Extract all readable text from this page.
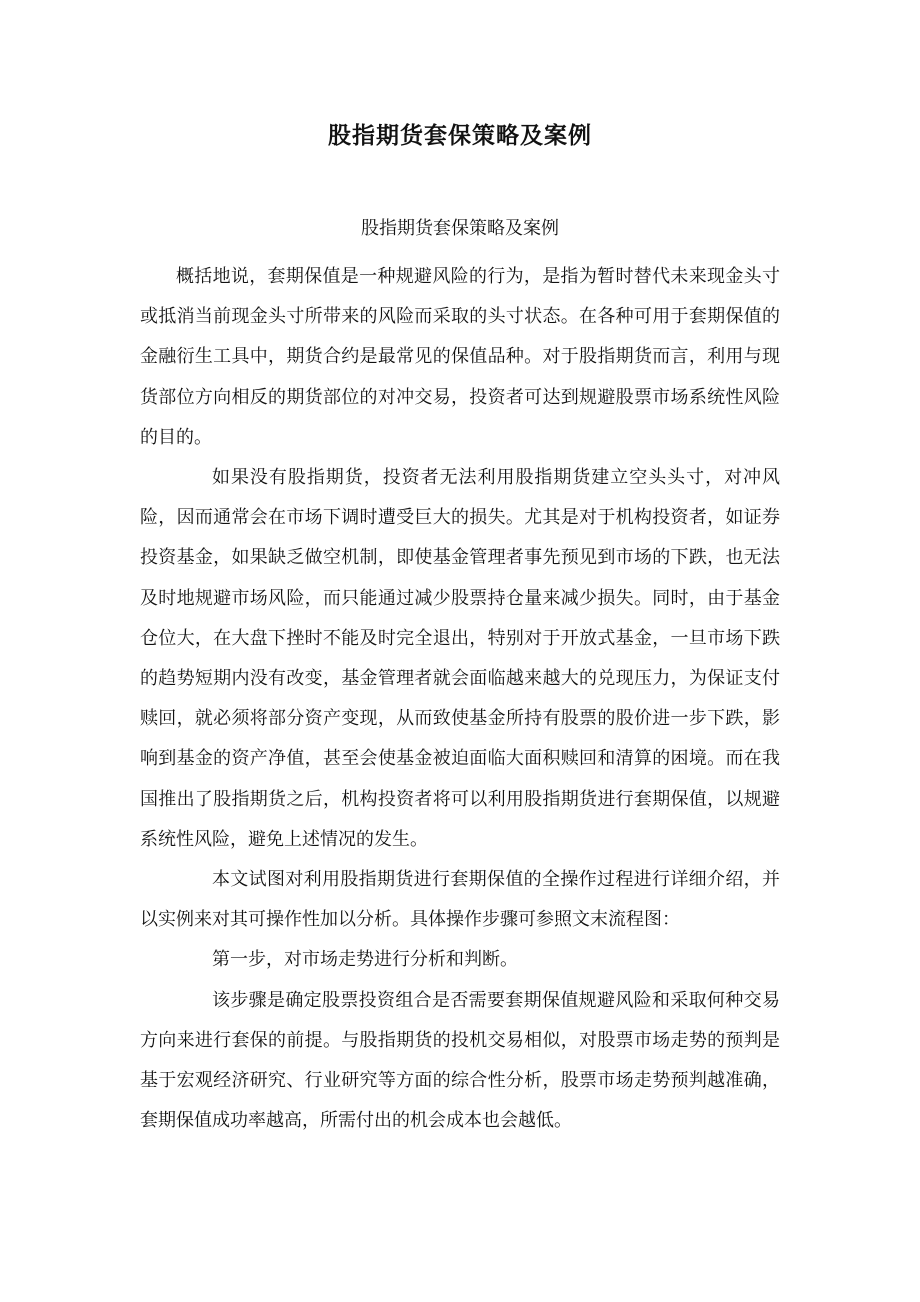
股指期货套保策略及案例
股指期货套保策略及案例

概括地说，套期保值是一种规避风险的行为，是指为暂时替代未来现金头寸或抵消当前现金头寸所带来的风险而采取的头寸状态。在各种可用于套期保值的金融衍生工具中，期货合约是最常见的保值品种。对于股指期货而言，利用与现货部位方向相反的期货部位的对冲交易，投资者可达到规避股票市场系统性风险的目的。

如果没有股指期货，投资者无法利用股指期货建立空头头寸，对冲风险，因而通常会在市场下调时遭受巨大的损失。尤其是对于机构投资者，如证券投资基金，如果缺乏做空机制，即使基金管理者事先预见到市场的下跌，也无法及时地规避市场风险，而只能通过减少股票持仓量来减少损失。同时，由于基金仓位大，在大盘下挫时不能及时完全退出，特别对于开放式基金，一旦市场下跌的趋势短期内没有改变，基金管理者就会面临越来越大的兑现压力，为保证支付赎回，就必须将部分资产变现，从而致使基金所持有股票的股价进一步下跌，影响到基金的资产净值，甚至会使基金被迫面临大面积赎回和清算的困境。而在我国推出了股指期货之后，机构投资者将可以利用股指期货进行套期保值，以规避系统性风险，避免上述情况的发生。

本文试图对利用股指期货进行套期保值的全操作过程进行详细介绍，并以实例来对其可操作性加以分析。具体操作步骤可参照文末流程图：

第一步，对市场走势进行分析和判断。

该步骤是确定股票投资组合是否需要套期保值规避风险和采取何种交易方向来进行套保的前提。与股指期货的投机交易相似，对股票市场走势的预判是基于宏观经济研究、行业研究等方面的综合性分析，股票市场走势预判越准确，套期保值成功率越高，所需付出的机会成本也会越低。
